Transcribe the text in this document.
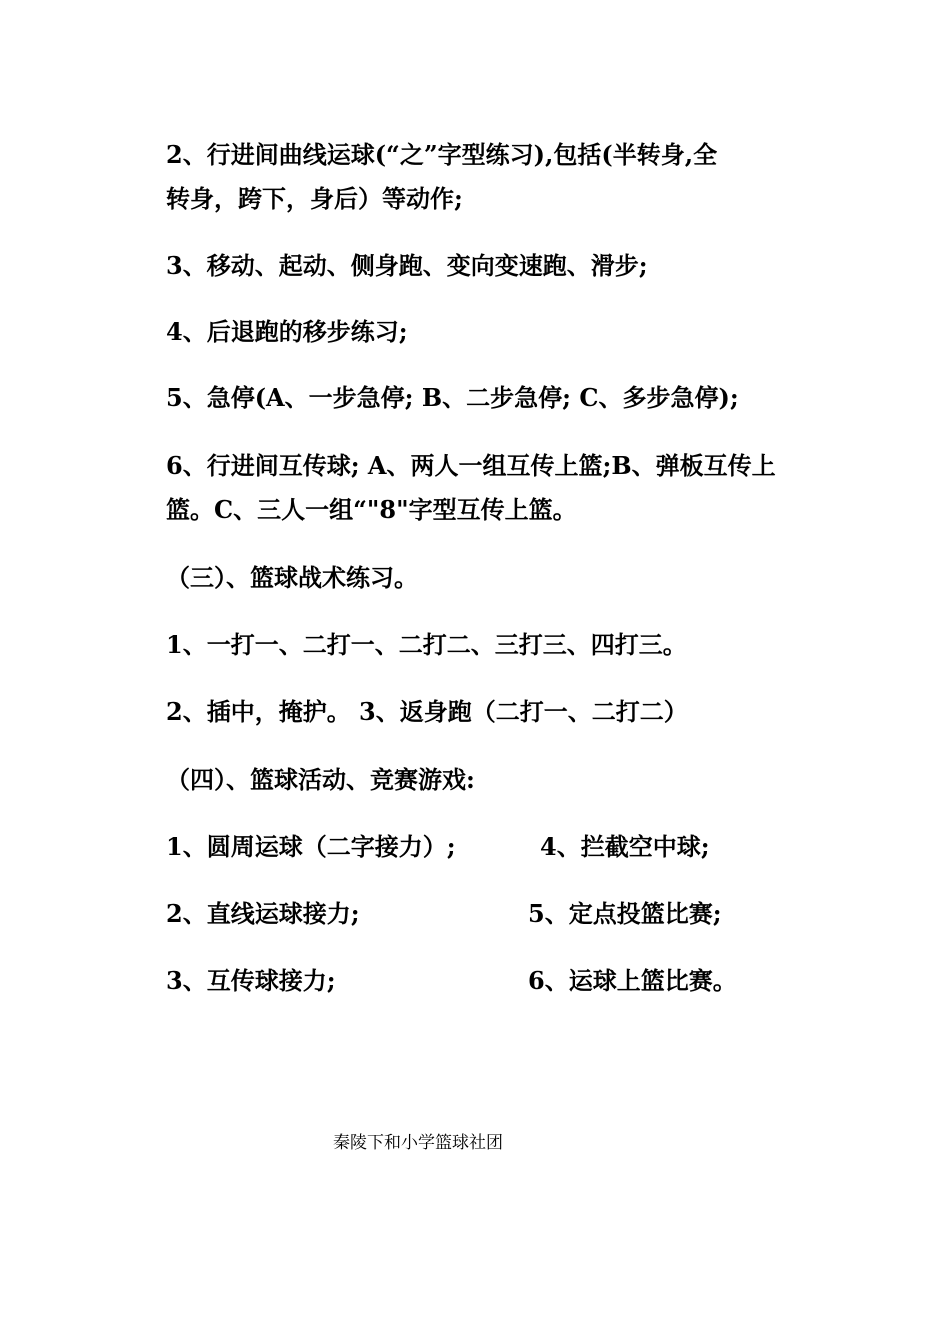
2、行进间曲线运球(“之”字型练习),包括(半转身,全
转身，跨下，身后）等动作;
3、移动、起动、侧身跑、变向变速跑、滑步;
4、后退跑的移步练习;
5、急停(A、一步急停; B、二步急停; C、多步急停);
6、行进间互传球; A、两人一组互传上篮;B、弹板互传上
篮。C、三人一组“"8"字型互传上篮。
（三）、篮球战术练习。
1、一打一、二打一、二打二、三打三、四打三。
2、插中，掩护。 3、返身跑（二打一、二打二）
（四）、篮球活动、竞赛游戏:
1、圆周运球（二字接力）;
2、直线运球接力;
3、互传球接力;
4、拦截空中球;
5、定点投篮比赛;
6、运球上篮比赛。
秦陵下和小学篮球社团
